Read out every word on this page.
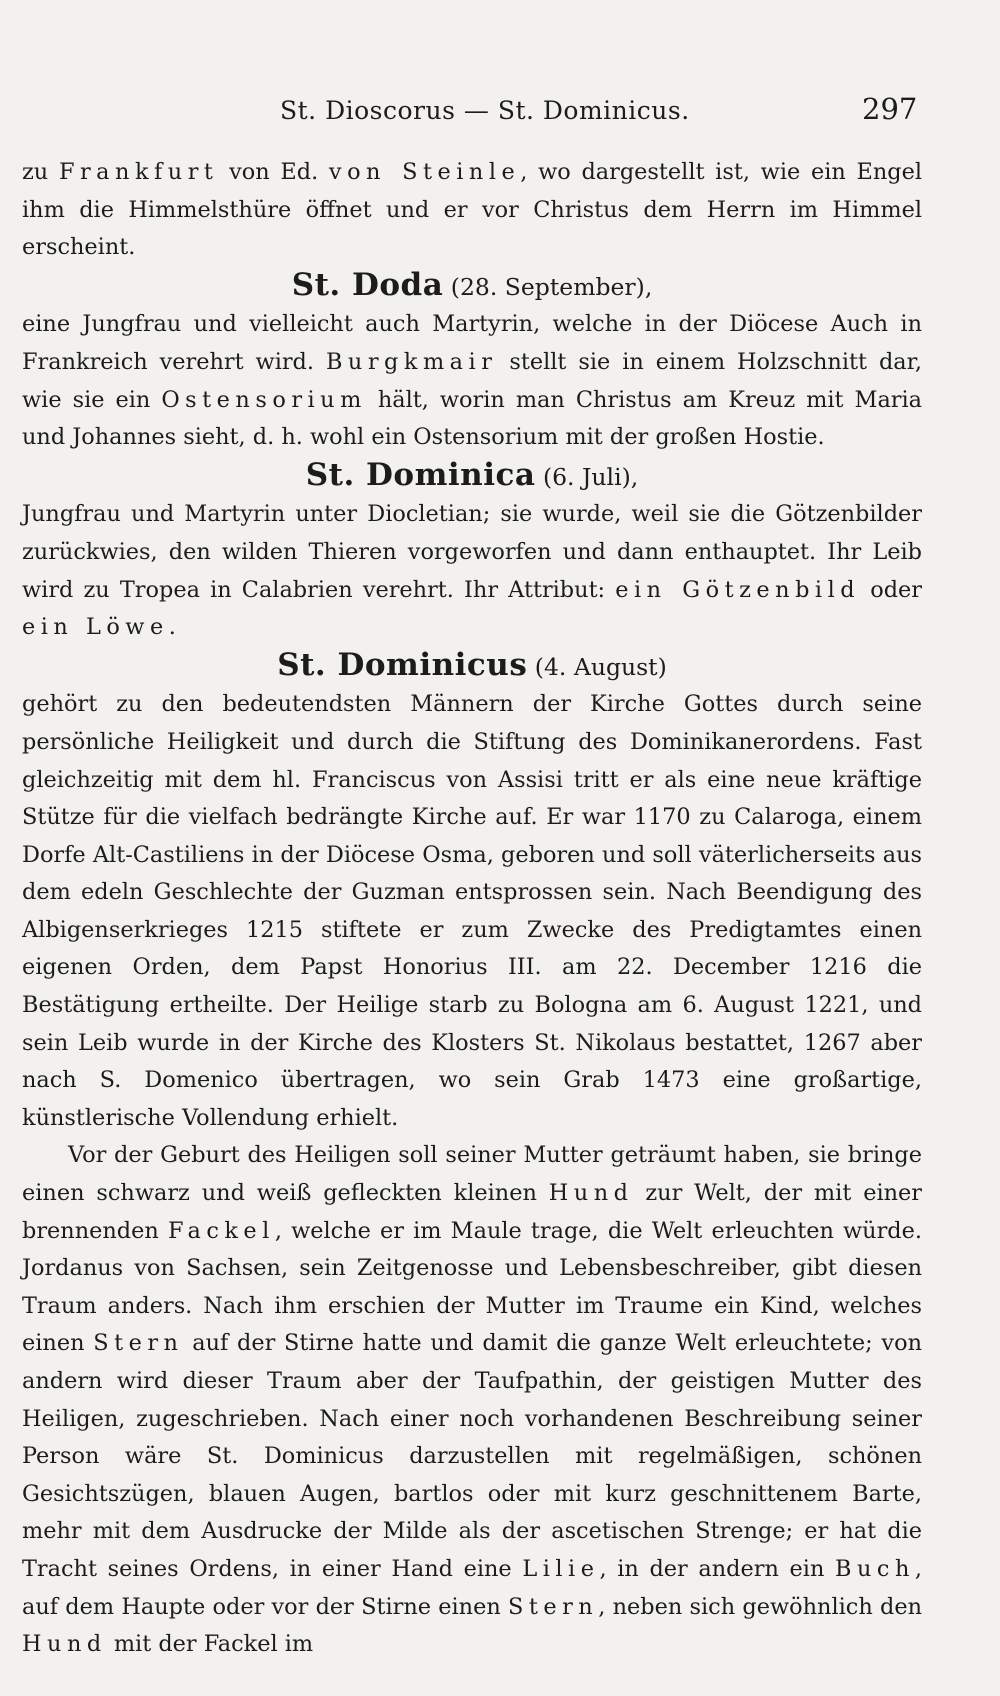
St. Dioscorus — St. Dominicus.	297

zu Frankfurt von Ed. von Steinle, wo dargestellt ist, wie ein Engel ihm die Himmelsthüre öffnet und er vor Christus dem Herrn im Himmel erscheint.

St. Doda (28. September),

eine Jungfrau und vielleicht auch Martyrin, welche in der Diöcese Auch in Frankreich verehrt wird. Burgkmair stellt sie in einem Holzschnitt dar, wie sie ein Ostensorium hält, worin man Christus am Kreuz mit Maria und Johannes sieht, d. h. wohl ein Ostensorium mit der großen Hostie.

St. Dominica (6. Juli),

Jungfrau und Martyrin unter Diocletian; sie wurde, weil sie die Götzenbilder zurückwies, den wilden Thieren vorgeworfen und dann enthauptet. Ihr Leib wird zu Tropea in Calabrien verehrt. Ihr Attribut: ein Götzenbild oder ein Löwe.

St. Dominicus (4. August)

gehört zu den bedeutendsten Männern der Kirche Gottes durch seine persönliche Heiligkeit und durch die Stiftung des Dominikanerordens. Fast gleichzeitig mit dem hl. Franciscus von Assisi tritt er als eine neue kräftige Stütze für die vielfach bedrängte Kirche auf. Er war 1170 zu Calaroga, einem Dorfe Alt-Castiliens in der Diöcese Osma, geboren und soll väterlicherseits aus dem edeln Geschlechte der Guzman entsprossen sein. Nach Beendigung des Albigenserkrieges 1215 stiftete er zum Zwecke des Predigtamtes einen eigenen Orden, dem Papst Honorius III. am 22. December 1216 die Bestätigung ertheilte. Der Heilige starb zu Bologna am 6. August 1221, und sein Leib wurde in der Kirche des Klosters St. Nikolaus bestattet, 1267 aber nach S. Domenico übertragen, wo sein Grab 1473 eine großartige, künstlerische Vollendung erhielt.

Vor der Geburt des Heiligen soll seiner Mutter geträumt haben, sie bringe einen schwarz und weiß gefleckten kleinen Hund zur Welt, der mit einer brennenden Fackel, welche er im Maule trage, die Welt erleuchten würde. Jordanus von Sachsen, sein Zeitgenosse und Lebensbeschreiber, gibt diesen Traum anders. Nach ihm erschien der Mutter im Traume ein Kind, welches einen Stern auf der Stirne hatte und damit die ganze Welt erleuchtete; von andern wird dieser Traum aber der Taufpathin, der geistigen Mutter des Heiligen, zugeschrieben. Nach einer noch vorhandenen Beschreibung seiner Person wäre St. Dominicus darzustellen mit regelmäßigen, schönen Gesichtszügen, blauen Augen, bartlos oder mit kurz geschnittenem Barte, mehr mit dem Ausdrucke der Milde als der ascetischen Strenge; er hat die Tracht seines Ordens, in einer Hand eine Lilie, in der andern ein Buch, auf dem Haupte oder vor der Stirne einen Stern, neben sich gewöhnlich den Hund mit der Fackel im
